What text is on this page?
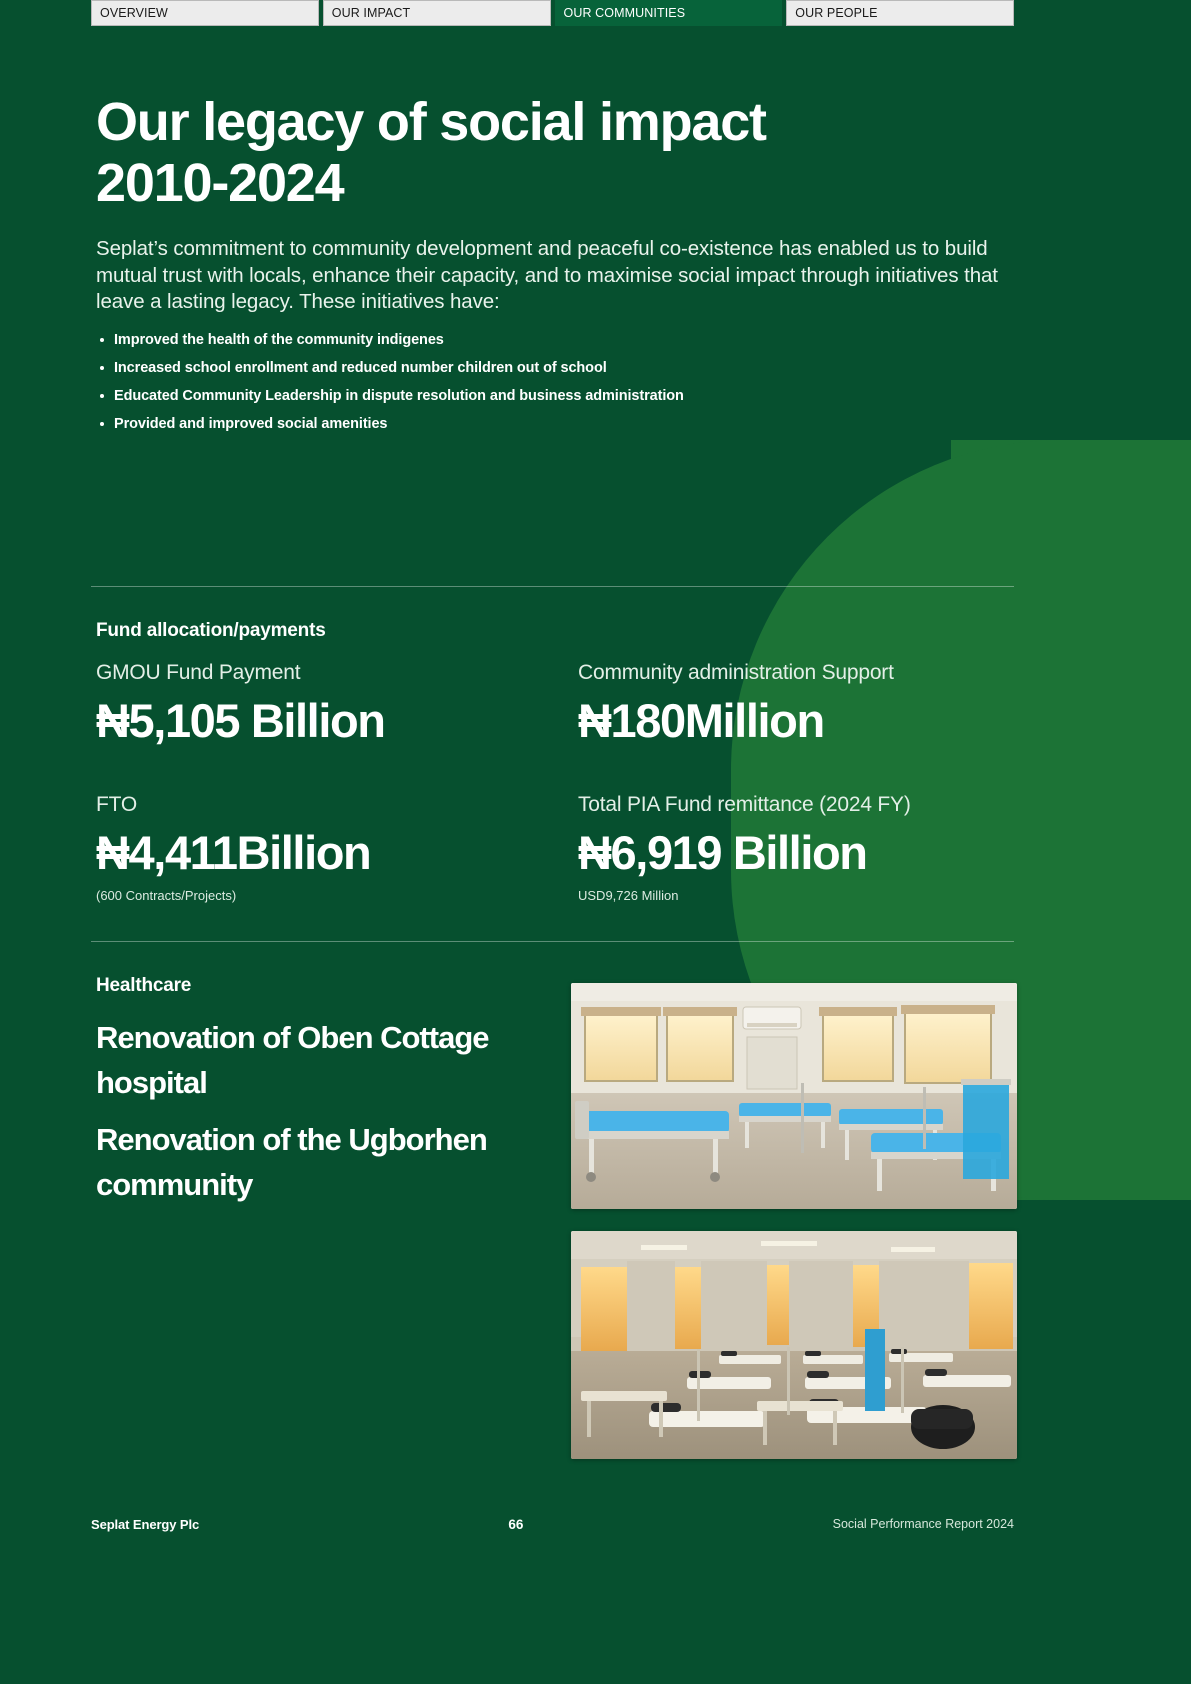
OVERVIEW	OUR IMPACT	OUR COMMUNITIES	OUR PEOPLE
Our legacy of social impact
2010-2024

Seplat’s commitment to community development and peaceful co-existence has enabled us to build mutual trust with locals, enhance their capacity, and to maximise social impact through initiatives that leave a lasting legacy. These initiatives have:

Improved the health of the community indigenes
Increased school enrollment and reduced number children out of school
Educated Community Leadership in dispute resolution and business administration
Provided and improved social amenities
Fund allocation/payments
GMOU Fund Payment
₦5,105 Billion
Community administration Support
₦180Million
FTO
₦4,411Billion
(600 Contracts/Projects)
Total PIA Fund remittance (2024 FY)
₦6,919 Billion
USD9,726 Million
Healthcare
Renovation of Oben Cottage hospital
Renovation of the Ugborhen community
Seplat Energy Plc	66	Social Performance Report 2024
